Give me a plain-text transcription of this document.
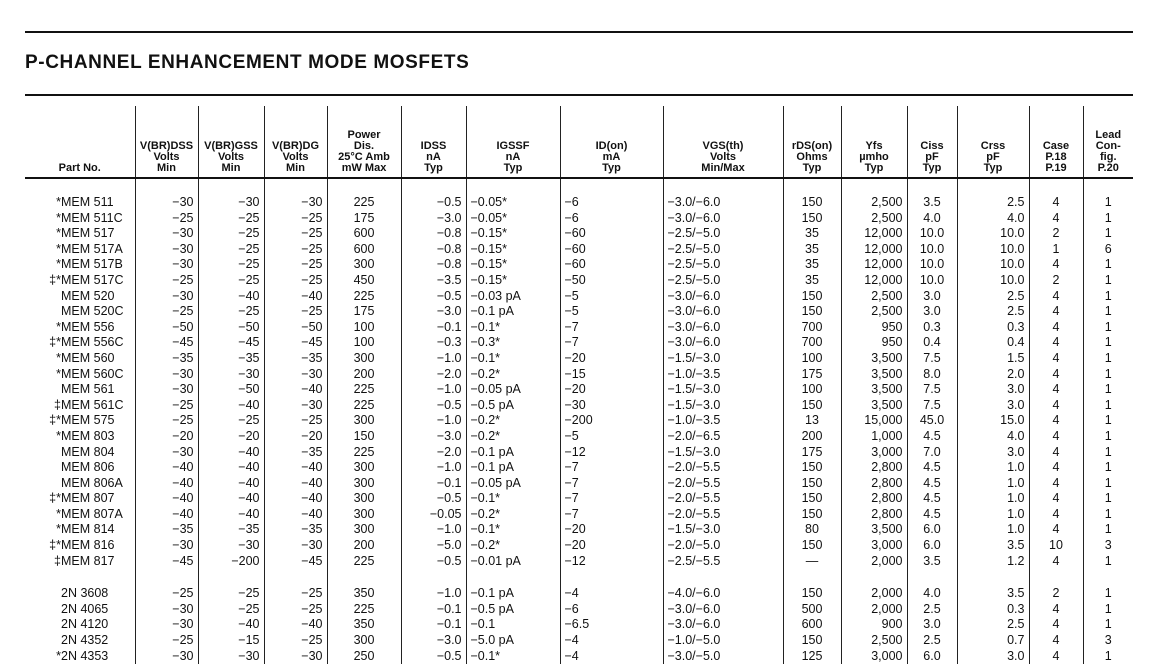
P-CHANNEL ENHANCEMENT MODE MOSFETS
Part No.	V(BR)DSS
Volts
Min	V(BR)GSS
Volts
Min	V(BR)DG
Volts
Min	Power
Dis.
25°C Amb
mW Max	IDSS
nA
Typ	IGSSF
nA
Typ	ID(on)
mA
Typ	VGS(th)
Volts
Min/Max	rDS(on)
Ohms
Typ	Yfs
µmho
Typ	Ciss
pF
Typ	Crss
pF
Typ	Case
P.18
P.19	Lead
Con-
fig.
P.20
*MEM 511	−30	−30	−30	225	−0.5	−0.05*	−6	−3.0/−6.0	150	2,500	3.5	2.5	4	1
*MEM 511C	−25	−25	−25	175	−3.0	−0.05*	−6	−3.0/−6.0	150	2,500	4.0	4.0	4	1
*MEM 517	−30	−25	−25	600	−0.8	−0.15*	−60	−2.5/−5.0	35	12,000	10.0	10.0	2	1
*MEM 517A	−30	−25	−25	600	−0.8	−0.15*	−60	−2.5/−5.0	35	12,000	10.0	10.0	1	6
*MEM 517B	−30	−25	−25	300	−0.8	−0.15*	−60	−2.5/−5.0	35	12,000	10.0	10.0	4	1
‡*MEM 517C	−25	−25	−25	450	−3.5	−0.15*	−50	−2.5/−5.0	35	12,000	10.0	10.0	2	1
MEM 520	−30	−40	−40	225	−0.5	−0.03 pA	−5	−3.0/−6.0	150	2,500	3.0	2.5	4	1
MEM 520C	−25	−25	−25	175	−3.0	−0.1 pA	−5	−3.0/−6.0	150	2,500	3.0	2.5	4	1
*MEM 556	−50	−50	−50	100	−0.1	−0.1*	−7	−3.0/−6.0	700	950	0.3	0.3	4	1
‡*MEM 556C	−45	−45	−45	100	−0.3	−0.3*	−7	−3.0/−6.0	700	950	0.4	0.4	4	1
*MEM 560	−35	−35	−35	300	−1.0	−0.1*	−20	−1.5/−3.0	100	3,500	7.5	1.5	4	1
*MEM 560C	−30	−30	−30	200	−2.0	−0.2*	−15	−1.0/−3.5	175	3,500	8.0	2.0	4	1
MEM 561	−30	−50	−40	225	−1.0	−0.05 pA	−20	−1.5/−3.0	100	3,500	7.5	3.0	4	1
‡MEM 561C	−25	−40	−30	225	−0.5	−0.5 pA	−30	−1.5/−3.0	150	3,500	7.5	3.0	4	1
‡*MEM 575	−25	−25	−25	300	−1.0	−0.2*	−200	−1.0/−3.5	13	15,000	45.0	15.0	4	1
*MEM 803	−20	−20	−20	150	−3.0	−0.2*	−5	−2.0/−6.5	200	1,000	4.5	4.0	4	1
MEM 804	−30	−40	−35	225	−2.0	−0.1 pA	−12	−1.5/−3.0	175	3,000	7.0	3.0	4	1
MEM 806	−40	−40	−40	300	−1.0	−0.1 pA	−7	−2.0/−5.5	150	2,800	4.5	1.0	4	1
MEM 806A	−40	−40	−40	300	−0.1	−0.05 pA	−7	−2.0/−5.5	150	2,800	4.5	1.0	4	1
‡*MEM 807	−40	−40	−40	300	−0.5	−0.1*	−7	−2.0/−5.5	150	2,800	4.5	1.0	4	1
*MEM 807A	−40	−40	−40	300	−0.05	−0.2*	−7	−2.0/−5.5	150	2,800	4.5	1.0	4	1
*MEM 814	−35	−35	−35	300	−1.0	−0.1*	−20	−1.5/−3.0	80	3,500	6.0	1.0	4	1
‡*MEM 816	−30	−30	−30	200	−5.0	−0.2*	−20	−2.0/−5.0	150	3,000	6.0	3.5	10	3
‡MEM 817	−45	−200	−45	225	−0.5	−0.01 pA	−12	−2.5/−5.5	—	2,000	3.5	1.2	4	1
2N 3608	−25	−25	−25	350	−1.0	−0.1 pA	−4	−4.0/−6.0	150	2,000	4.0	3.5	2	1
2N 4065	−30	−25	−25	225	−0.1	−0.5 pA	−6	−3.0/−6.0	500	2,000	2.5	0.3	4	1
2N 4120	−30	−40	−40	350	−0.1	−0.1	−6.5	−3.0/−6.0	600	900	3.0	2.5	4	1
2N 4352	−25	−15	−25	300	−3.0	−5.0 pA	−4	−1.0/−5.0	150	2,500	2.5	0.7	4	3
*2N 4353	−30	−30	−30	250	−0.5	−0.1*	−4	−3.0/−5.0	125	3,000	6.0	3.0	4	1
